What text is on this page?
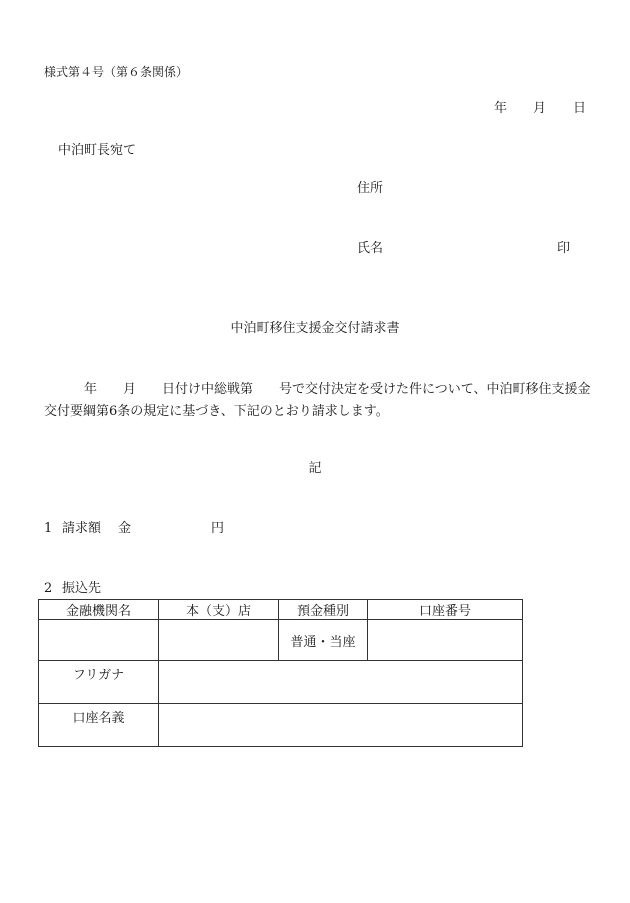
様式第４号（第６条関係）
年 月 日
中泊町長宛て
住所
氏名	印
中泊町移住支援金交付請求書
年　　月　　日付け中総戦第　　号で交付決定を受けた件について、中泊町移住支援金交付要綱第6条の規定に基づき、下記のとおり請求します。
記
1 請求額 金	円
2 振込先
金融機関名	本（支）店	預金種別	口座番号
		普通・当座	
フリガナ			
口座名義			
